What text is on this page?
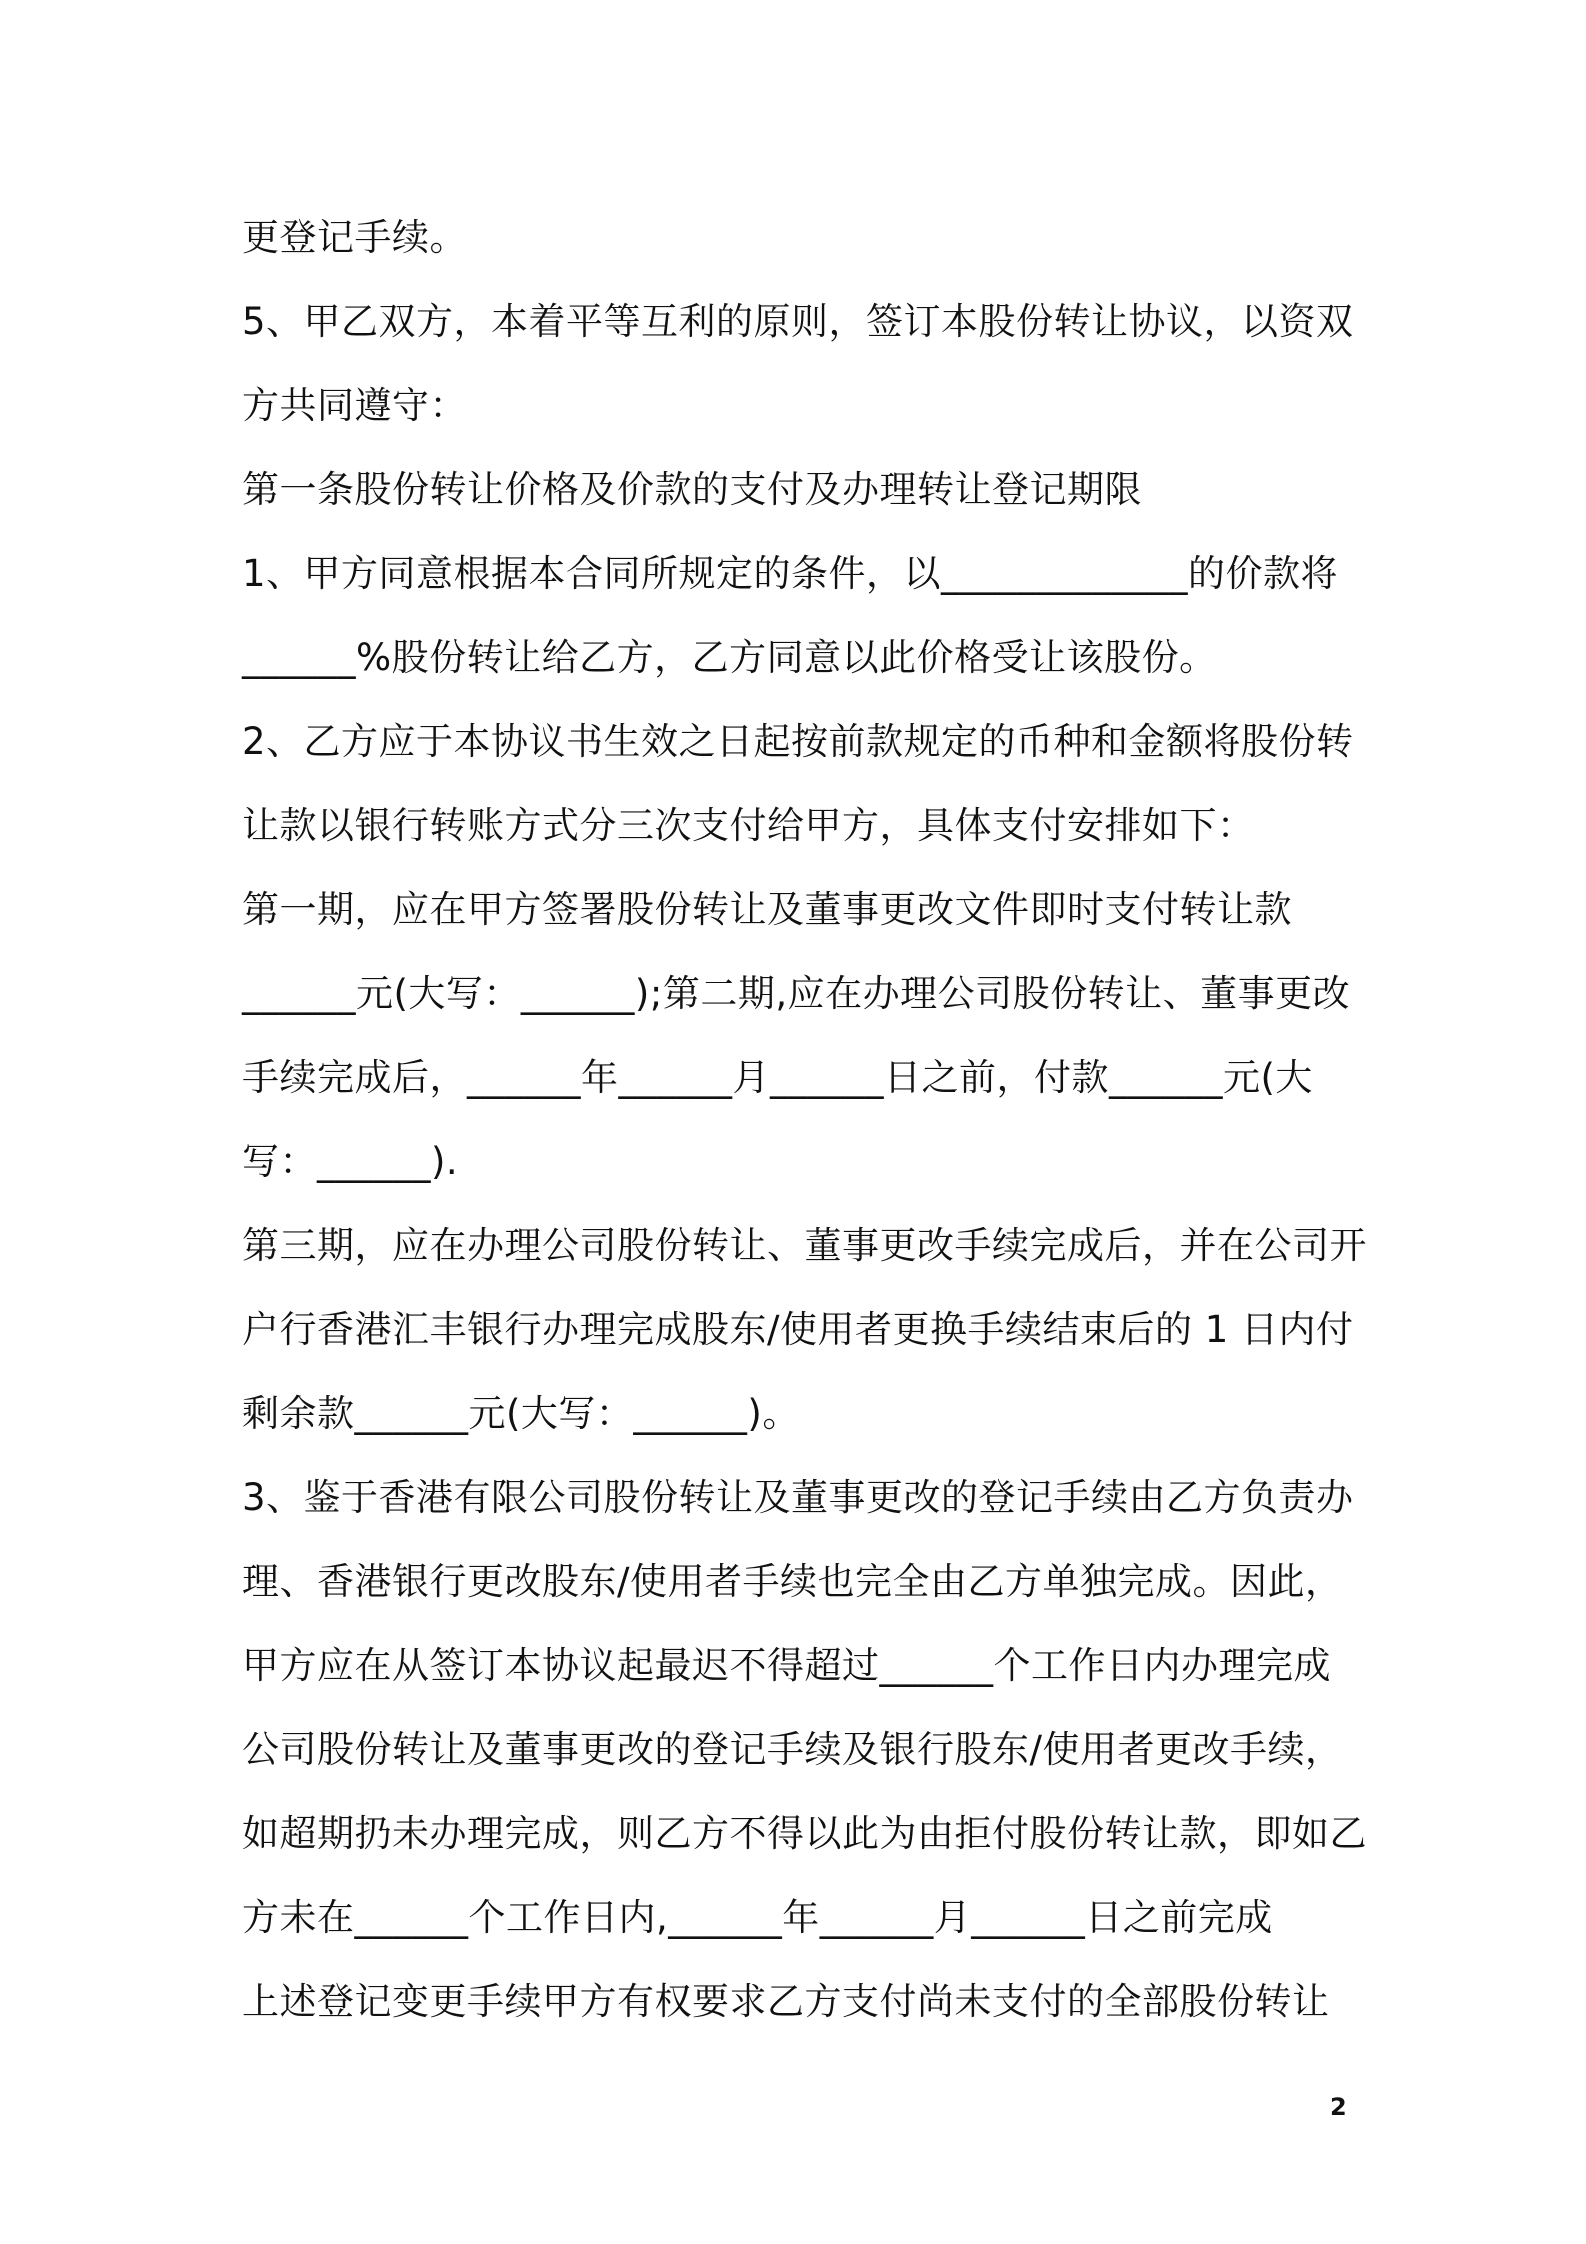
更登记手续。
5、甲乙双方，本着平等互利的原则，签订本股份转让协议，以资双
方共同遵守：
第一条股份转让价格及价款的支付及办理转让登记期限
1、甲方同意根据本合同所规定的条件，以_____________的价款将
______%股份转让给乙方，乙方同意以此价格受让该股份。
2、乙方应于本协议书生效之日起按前款规定的币种和金额将股份转
让款以银行转账方式分三次支付给甲方，具体支付安排如下：
第一期，应在甲方签署股份转让及董事更改文件即时支付转让款
______元(大写：______);第二期,应在办理公司股份转让、董事更改
手续完成后，______年______月______日之前，付款______元(大
写：______).
第三期，应在办理公司股份转让、董事更改手续完成后，并在公司开
户行香港汇丰银行办理完成股东/使用者更换手续结束后的 1 日内付
剩余款______元(大写：______)。
3、鉴于香港有限公司股份转让及董事更改的登记手续由乙方负责办
理、香港银行更改股东/使用者手续也完全由乙方单独完成。因此，
甲方应在从签订本协议起最迟不得超过______个工作日内办理完成
公司股份转让及董事更改的登记手续及银行股东/使用者更改手续，
如超期扔未办理完成，则乙方不得以此为由拒付股份转让款，即如乙
方未在______个工作日内,______年______月______日之前完成
上述登记变更手续甲方有权要求乙方支付尚未支付的全部股份转让
2
